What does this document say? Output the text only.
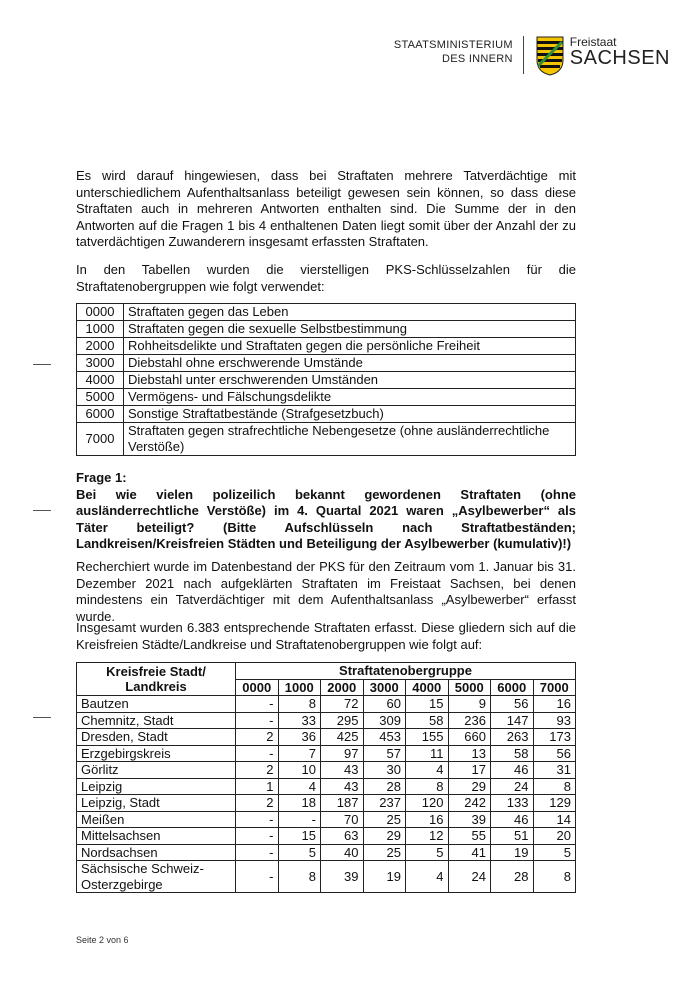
STAATSMINISTERIUM
DES INNERN
Freistaat
SACHSEN
Es wird darauf hingewiesen, dass bei Straftaten mehrere Tatverdächtige mit unterschiedlichem Aufenthaltsanlass beteiligt gewesen sein können, so dass diese Straftaten auch in mehreren Antworten enthalten sind. Die Summe der in den Antworten auf die Fragen 1 bis 4 enthaltenen Daten liegt somit über der Anzahl der zu tatverdächtigen Zuwanderern insgesamt erfassten Straftaten.
In den Tabellen wurden die vierstelligen PKS-Schlüsselzahlen für die Straftatenobergruppen wie folgt verwendet:
0000	Straftaten gegen das Leben
1000	Straftaten gegen die sexuelle Selbstbestimmung
2000	Rohheitsdelikte und Straftaten gegen die persönliche Freiheit
3000	Diebstahl ohne erschwerende Umstände
4000	Diebstahl unter erschwerenden Umständen
5000	Vermögens- und Fälschungsdelikte
6000	Sonstige Straftatbestände (Strafgesetzbuch)
7000	Straftaten gegen strafrechtliche Nebengesetze (ohne ausländerrechtliche Verstöße)
Frage 1:
Bei wie vielen polizeilich bekannt gewordenen Straftaten (ohne ausländerrechtliche Verstöße) im 4. Quartal 2021 waren „Asylbewerber“ als Täter beteiligt? (Bitte Aufschlüsseln nach Straftatbeständen; Landkreisen/Kreisfreien Städten und Beteiligung der Asylbewerber (kumulativ)!)
Recherchiert wurde im Datenbestand der PKS für den Zeitraum vom 1. Januar bis 31. Dezember 2021 nach aufgeklärten Straftaten im Freistaat Sachsen, bei denen mindestens ein Tatverdächtiger mit dem Aufenthaltsanlass „Asylbewerber“ erfasst wurde.
Insgesamt wurden 6.383 entsprechende Straftaten erfasst. Diese gliedern sich auf die Kreisfreien Städte/Landkreise und Straftatenobergruppen wie folgt auf:
Kreisfreie Stadt/
Landkreis	Straftatenobergruppe							
	0000	1000	2000	3000	4000	5000	6000	7000
Bautzen	-	8	72	60	15	9	56	16
Chemnitz, Stadt	-	33	295	309	58	236	147	93
Dresden, Stadt	2	36	425	453	155	660	263	173
Erzgebirgskreis	-	7	97	57	11	13	58	56
Görlitz	2	10	43	30	4	17	46	31
Leipzig	1	4	43	28	8	29	24	8
Leipzig, Stadt	2	18	187	237	120	242	133	129
Meißen	-	-	70	25	16	39	46	14
Mittelsachsen	-	15	63	29	12	55	51	20
Nordsachsen	-	5	40	25	5	41	19	5
Sächsische Schweiz-Osterzgebirge	-	8	39	19	4	24	28	8
Seite 2 von 6
